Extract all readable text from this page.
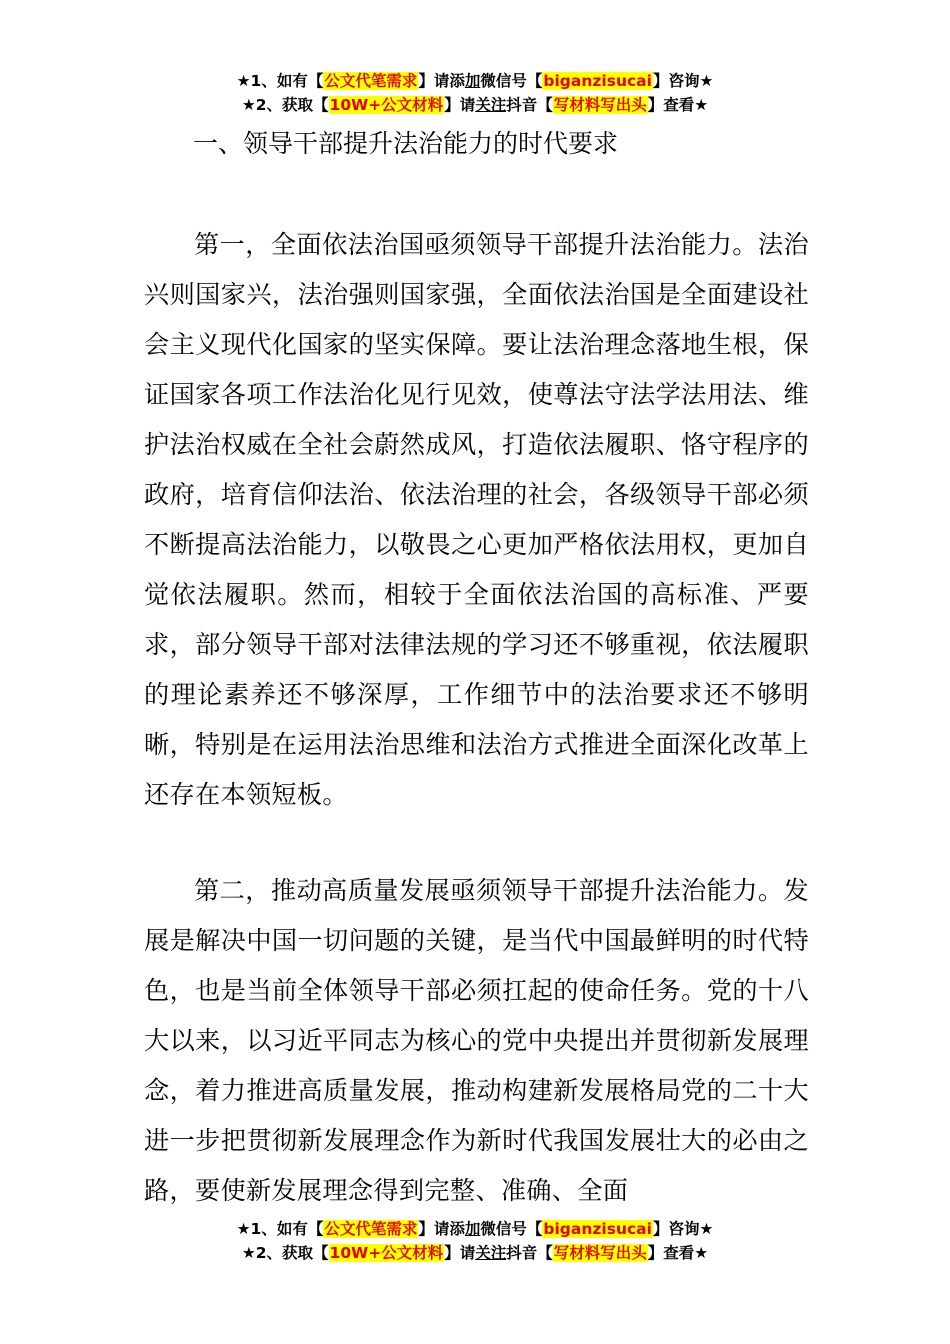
★1、如有【公文代笔需求】请添加微信号【biganzisucai】咨询★
★2、获取【10W+公文材料】请关注抖音【写材料写出头】查看★
一、领导干部提升法治能力的时代要求

第一，全面依法治国亟须领导干部提升法治能力。法治兴则国家兴，法治强则国家强，全面依法治国是全面建设社会主义现代化国家的坚实保障。要让法治理念落地生根，保证国家各项工作法治化见行见效，使尊法守法学法用法、维护法治权威在全社会蔚然成风，打造依法履职、恪守程序的政府，培育信仰法治、依法治理的社会，各级领导干部必须不断提高法治能力，以敬畏之心更加严格依法用权，更加自觉依法履职。然而，相较于全面依法治国的高标准、严要求，部分领导干部对法律法规的学习还不够重视，依法履职的理论素养还不够深厚，工作细节中的法治要求还不够明晰，特别是在运用法治思维和法治方式推进全面深化改革上还存在本领短板。

第二，推动高质量发展亟须领导干部提升法治能力。发展是解决中国一切问题的关键，是当代中国最鲜明的时代特色，也是当前全体领导干部必须扛起的使命任务。党的十八大以来，以习近平同志为核心的党中央提出并贯彻新发展理念，着力推进高质量发展，推动构建新发展格局党的二十大进一步把贯彻新发展理念作为新时代我国发展壮大的必由之路，要使新发展理念得到完整、准确、全面

★1、如有【公文代笔需求】请添加微信号【biganzisucai】咨询★
★2、获取【10W+公文材料】请关注抖音【写材料写出头】查看★
